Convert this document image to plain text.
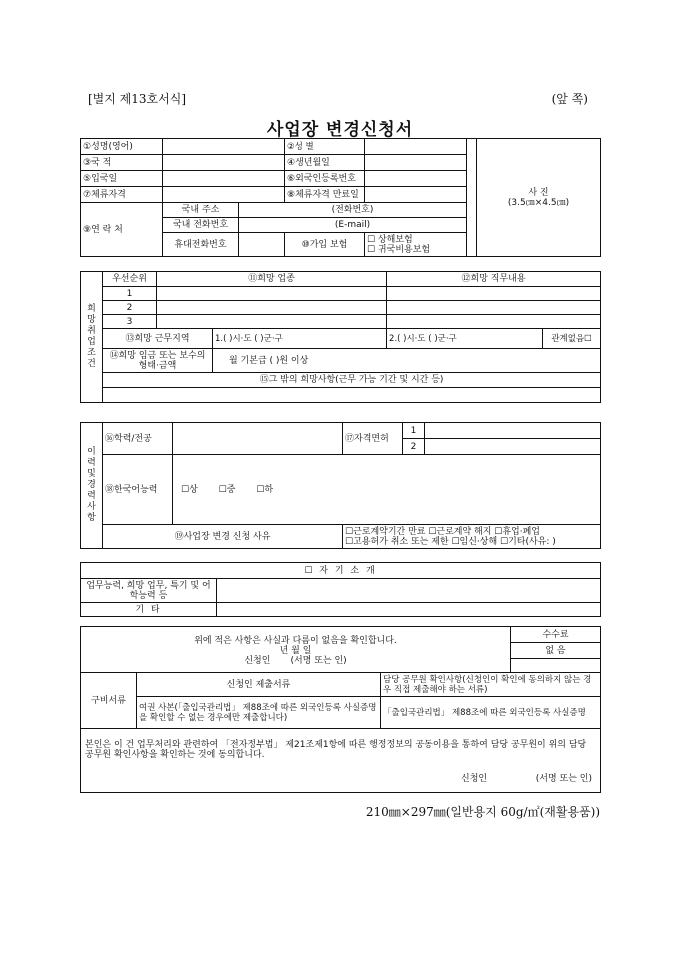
[별지 제13호서식]	(앞 쪽)
사업장 변경신청서
①성명(영어)			②성 별			사 진
(3.5㎝×4.5㎝)

③국 적			④생년월일			
⑤입국일			⑥외국인등록번호			
⑦체류자격			⑧체류자격 만료일			
⑨연 락 처	국내 주소	(전화번호)				
	국내 전화번호	(E-mail)				
	휴대전화번호		⑩가입 보험	☐ 상해보험
☐ 귀국비용보험		

희망 취업조건	우선순위	⑪희망 업종		⑫희망 직무내용	
	1				
	2				
	3				
	⑬희망 근무지역		1.( )시·도 ( )군·구	2.( )시·도 ( )군·구	관계없음☐
	⑭희망 임금 또는 보수의 형태·금액		월 기본급 ( )원 이상		
	⑮그 밖의 희망사항(근무 가능 기간 및 시간 등)				

이력 및 경력사항	⑯학력/전공		⑰자격면허	1	
				2	
	⑱한국어능력	☐상 ☐중 ☐하			
	⑲사업장 변경 신청 사유		☐근로계약기간 만료 ☐근로계약 해지 ☐휴업·폐업
☐고용허가 취소 또는 제한 ☐임신·상해 ☐기타(사유: )		
☐ 자 기 소 개	
업무능력, 희망 업무, 특기 및 어학능력 등	
기 타	
위에 적은 사항은 사실과 다름이 없음을 확인합니다.
년 월 일
신청인 (서명 또는 인)			수수료
			없 음

구비서류	신청인 제출서류	담당 공무원 확인사항(신청인이 확인에 동의하지 않는 경우 직접 제출해야 하는 서류)	
	여권 사본(「출입국관리법」 제88조에 따른 외국인등록 사실증명을 확인할 수 없는 경우에만 제출합니다)	「출입국관리법」 제88조에 따른 외국인등록 사실증명	

본인은 이 건 업무처리와 관련하여 「전자정부법」 제21조제1항에 따른 행정정보의 공동이용을 통하여 담당 공무원이 위의 담당 공무원 확인사항을 확인하는 것에 동의합니다.
신청인 (서명 또는 인)			
210㎜×297㎜(일반용지 60g/㎡(재활용품))
